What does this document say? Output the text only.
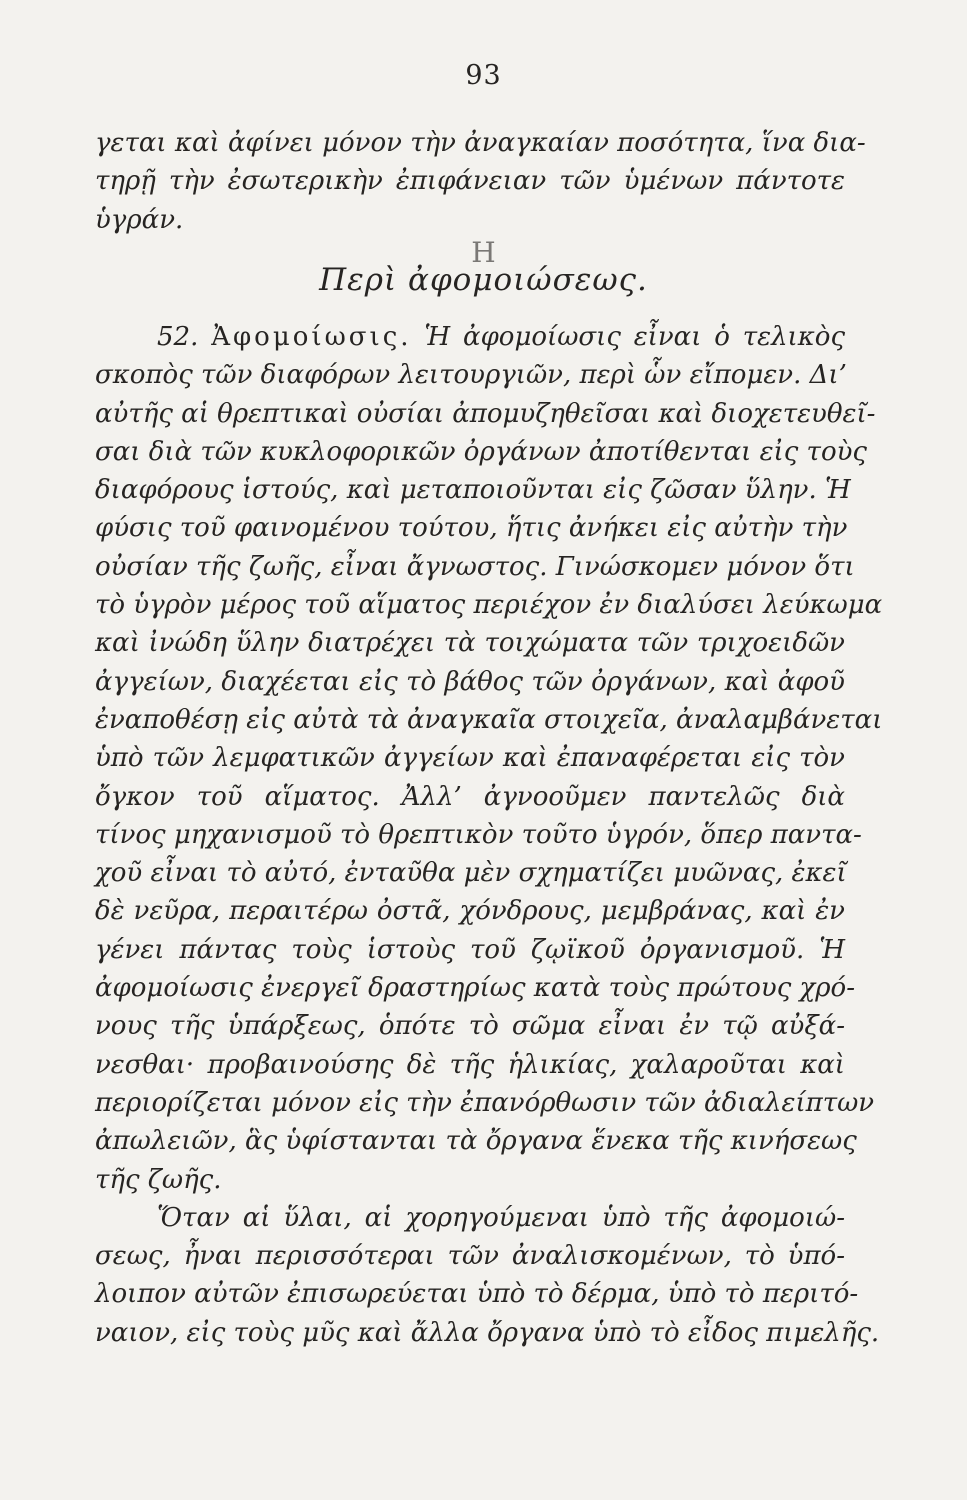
93
γεται καὶ ἀφίνει μόνον τὴν ἀναγκαίαν ποσότητα, ἵνα δια-
τηρῇ τὴν ἐσωτερικὴν ἐπιφάνειαν τῶν ὑμένων πάντοτε
ὑγράν.
Η
Περὶ ἀφομοιώσεως.
52. Ἀφομοίωσις. Ἡ ἀφομοίωσις εἶναι ὁ τελικὸς
σκοπὸς τῶν διαφόρων λειτουργιῶν, περὶ ὧν εἴπομεν. Δι’
αὐτῆς αἱ θρεπτικαὶ οὐσίαι ἀπομυζηθεῖσαι καὶ διοχετευθεῖ-
σαι διὰ τῶν κυκλοφορικῶν ὀργάνων ἀποτίθενται εἰς τοὺς
διαφόρους ἱστούς, καὶ μεταποιοῦνται εἰς ζῶσαν ὕλην. Ἡ
φύσις τοῦ φαινομένου τούτου, ἥτις ἀνήκει εἰς αὐτὴν τὴν
οὐσίαν τῆς ζωῆς, εἶναι ἄγνωστος. Γινώσκομεν μόνον ὅτι
τὸ ὑγρὸν μέρος τοῦ αἵματος περιέχον ἐν διαλύσει λεύκωμα
καὶ ἰνώδη ὕλην διατρέχει τὰ τοιχώματα τῶν τριχοειδῶν
ἀγγείων, διαχέεται εἰς τὸ βάθος τῶν ὀργάνων, καὶ ἀφοῦ
ἐναποθέσῃ εἰς αὐτὰ τὰ ἀναγκαῖα στοιχεῖα, ἀναλαμβάνεται
ὑπὸ τῶν λεμφατικῶν ἀγγείων καὶ ἐπαναφέρεται εἰς τὸν
ὄγκον τοῦ αἵματος. Ἀλλ’ ἀγνοοῦμεν παντελῶς διὰ
τίνος μηχανισμοῦ τὸ θρεπτικὸν τοῦτο ὑγρόν, ὅπερ παντα-
χοῦ εἶναι τὸ αὐτό, ἐνταῦθα μὲν σχηματίζει μυῶνας, ἐκεῖ
δὲ νεῦρα, περαιτέρω ὀστᾶ, χόνδρους, μεμβράνας, καὶ ἐν
γένει πάντας τοὺς ἱστοὺς τοῦ ζῳϊκοῦ ὀργανισμοῦ. Ἡ
ἀφομοίωσις ἐνεργεῖ δραστηρίως κατὰ τοὺς πρώτους χρό-
νους τῆς ὑπάρξεως, ὁπότε τὸ σῶμα εἶναι ἐν τῷ αὐξά-
νεσθαι· προβαινούσης δὲ τῆς ἡλικίας, χαλαροῦται καὶ
περιορίζεται μόνον εἰς τὴν ἐπανόρθωσιν τῶν ἀδιαλείπτων
ἀπωλειῶν, ἃς ὑφίστανται τὰ ὄργανα ἕνεκα τῆς κινήσεως
τῆς ζωῆς.
Ὅταν αἱ ὕλαι, αἱ χορηγούμεναι ὑπὸ τῆς ἀφομοιώ-
σεως, ἦναι περισσότεραι τῶν ἀναλισκομένων, τὸ ὑπό-
λοιπον αὐτῶν ἐπισωρεύεται ὑπὸ τὸ δέρμα, ὑπὸ τὸ περιτό-
ναιον, εἰς τοὺς μῦς καὶ ἄλλα ὄργανα ὑπὸ τὸ εἶδος πιμελῆς.
